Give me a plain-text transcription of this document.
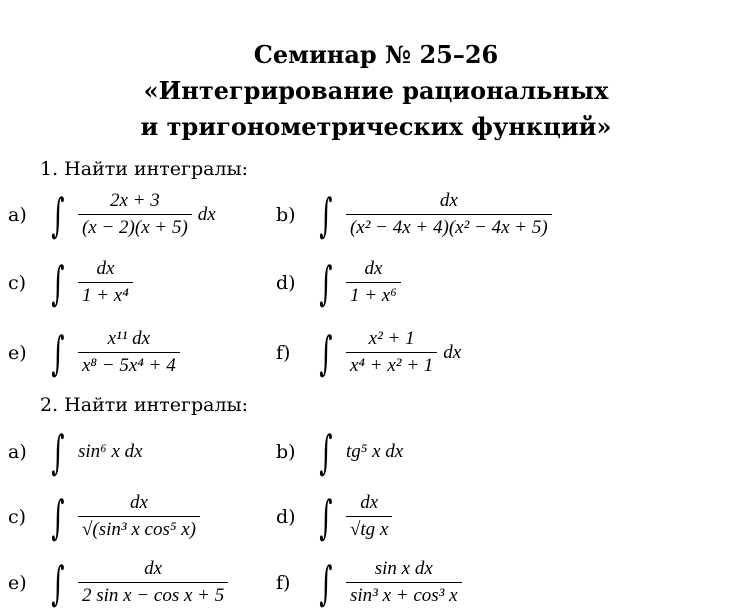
Семинар № 25–26
«Интегрирование рациональных
и тригонометрических функций»
1. Найти интегралы:
a) ∫ $\frac{2x + 3}{(x - 2)(x + 5)}$ dx	b) ∫ $\frac{dx}{\text{(x² − 4x + 4)(x² − 4x + 5)}}$
c) ∫ $\frac{dx}{\text{1 + x⁴}}$	d) ∫ $\frac{dx}{\text{1 + x⁶}}$
e) ∫ $\frac{\text{x¹¹ dx}}{\text{x⁸ − 5x⁴ + 4}}$	f) ∫ $\frac{\text{x² + 1}}{\text{x⁴ + x² + 1}}$ dx
2. Найти интегралы:
a) ∫ sin⁶ x dx	b) ∫ tg⁵ x dx
c) ∫ $\frac{dx}{\text{√(sin³ x cos⁵ x)}}$	d) ∫ $\frac{dx}{\text{√tg x}}$
e) ∫ $\frac{dx}{\text{2 sin x − cos x + 5}}$	f) ∫ $\frac{\text{sin x dx}}{\text{sin³ x + cos³ x}}$
